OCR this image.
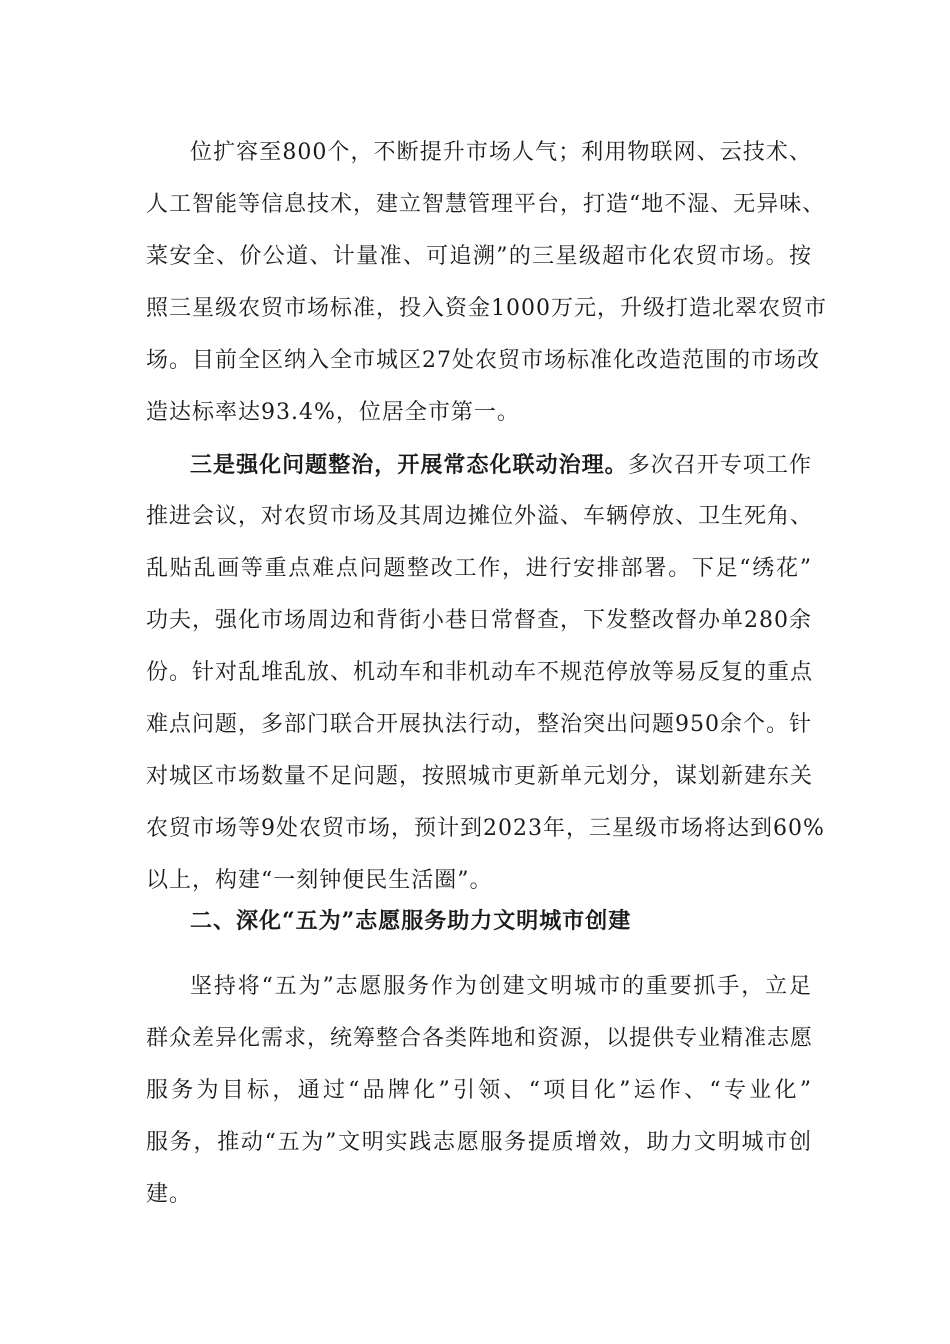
位扩容至800个，不断提升市场人气；利用物联网、云技术、
人工智能等信息技术，建立智慧管理平台，打造“地不湿、无异味、
菜安全、价公道、计量准、可追溯”的三星级超市化农贸市场。按
照三星级农贸市场标准，投入资金1000万元，升级打造北翠农贸市
场。目前全区纳入全市城区27处农贸市场标准化改造范围的市场改
造达标率达93.4%，位居全市第一。
三是强化问题整治，开展常态化联动治理。多次召开专项工作
推进会议，对农贸市场及其周边摊位外溢、车辆停放、卫生死角、
乱贴乱画等重点难点问题整改工作，进行安排部署。下足“绣花”
功夫，强化市场周边和背街小巷日常督查，下发整改督办单280余
份。针对乱堆乱放、机动车和非机动车不规范停放等易反复的重点
难点问题，多部门联合开展执法行动，整治突出问题950余个。针
对城区市场数量不足问题，按照城市更新单元划分，谋划新建东关
农贸市场等9处农贸市场，预计到2023年，三星级市场将达到60%
以上，构建“一刻钟便民生活圈”。
二、深化“五为”志愿服务助力文明城市创建
坚持将“五为”志愿服务作为创建文明城市的重要抓手，立足
群众差异化需求，统筹整合各类阵地和资源，以提供专业精准志愿
服务为目标，通过“品牌化”引领、“项目化”运作、“专业化”
服务，推动“五为”文明实践志愿服务提质增效，助力文明城市创
建。
